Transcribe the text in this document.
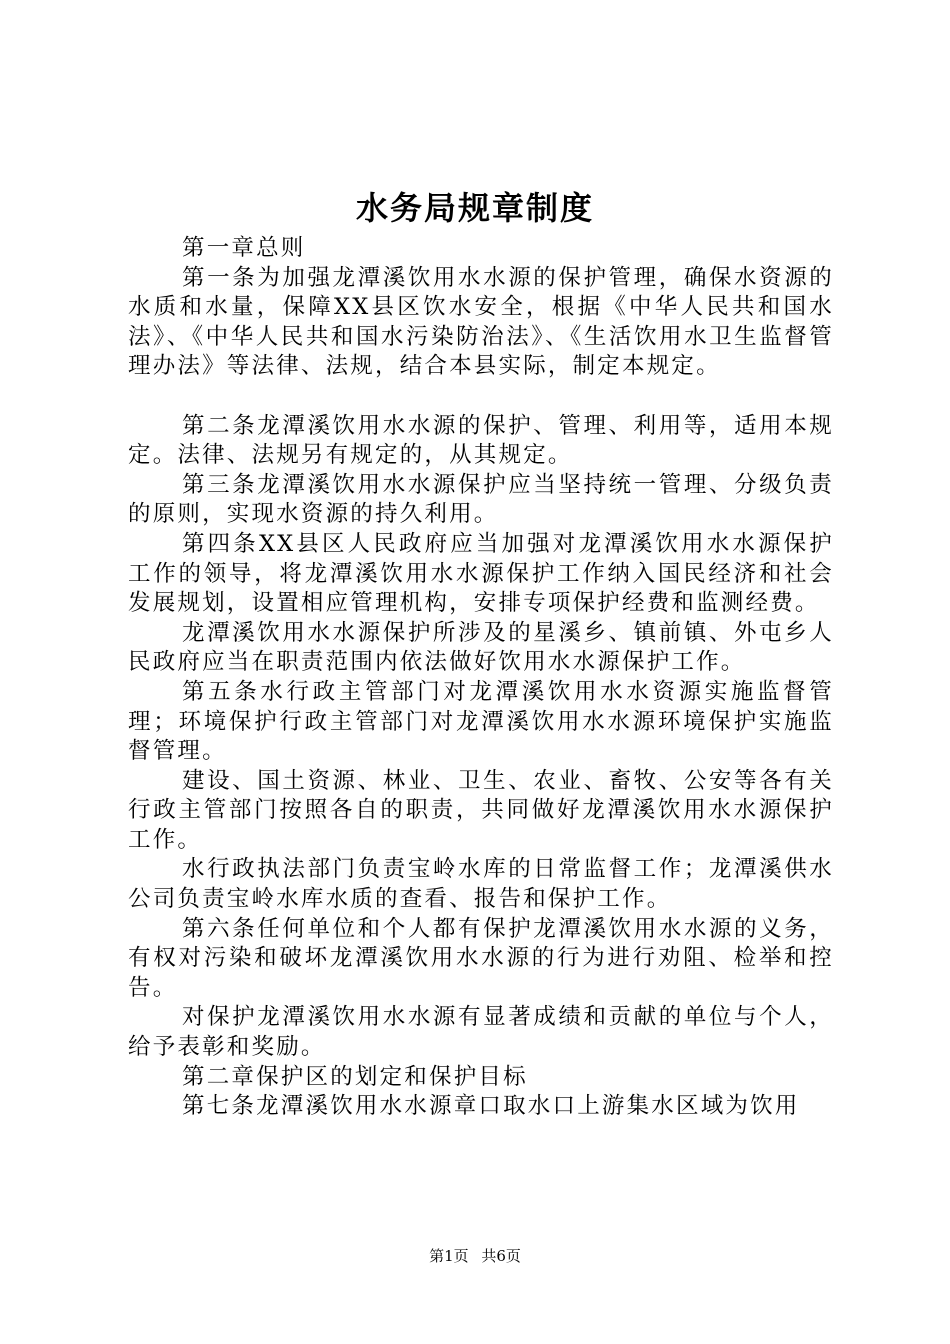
水务局规章制度

第一章总则

第一条为加强龙潭溪饮用水水源的保护管理，确保水资源的水质和水量，保障XX县区饮水安全，根据《中华人民共和国水法》、《中华人民共和国水污染防治法》、《生活饮用水卫生监督管理办法》等法律、法规，结合本县实际，制定本规定。

第二条龙潭溪饮用水水源的保护、管理、利用等，适用本规定。法律、法规另有规定的，从其规定。

第三条龙潭溪饮用水水源保护应当坚持统一管理、分级负责的原则，实现水资源的持久利用。

第四条XX县区人民政府应当加强对龙潭溪饮用水水源保护工作的领导，将龙潭溪饮用水水源保护工作纳入国民经济和社会发展规划，设置相应管理机构，安排专项保护经费和监测经费。

龙潭溪饮用水水源保护所涉及的星溪乡、镇前镇、外屯乡人民政府应当在职责范围内依法做好饮用水水源保护工作。

第五条水行政主管部门对龙潭溪饮用水水资源实施监督管理；环境保护行政主管部门对龙潭溪饮用水水源环境保护实施监督管理。

建设、国土资源、林业、卫生、农业、畜牧、公安等各有关行政主管部门按照各自的职责，共同做好龙潭溪饮用水水源保护工作。

水行政执法部门负责宝岭水库的日常监督工作；龙潭溪供水公司负责宝岭水库水质的查看、报告和保护工作。

第六条任何单位和个人都有保护龙潭溪饮用水水源的义务，有权对污染和破坏龙潭溪饮用水水源的行为进行劝阻、检举和控告。

对保护龙潭溪饮用水水源有显著成绩和贡献的单位与个人，给予表彰和奖励。

第二章保护区的划定和保护目标

第七条龙潭溪饮用水水源章口取水口上游集水区域为饮用

第1页 共6页
